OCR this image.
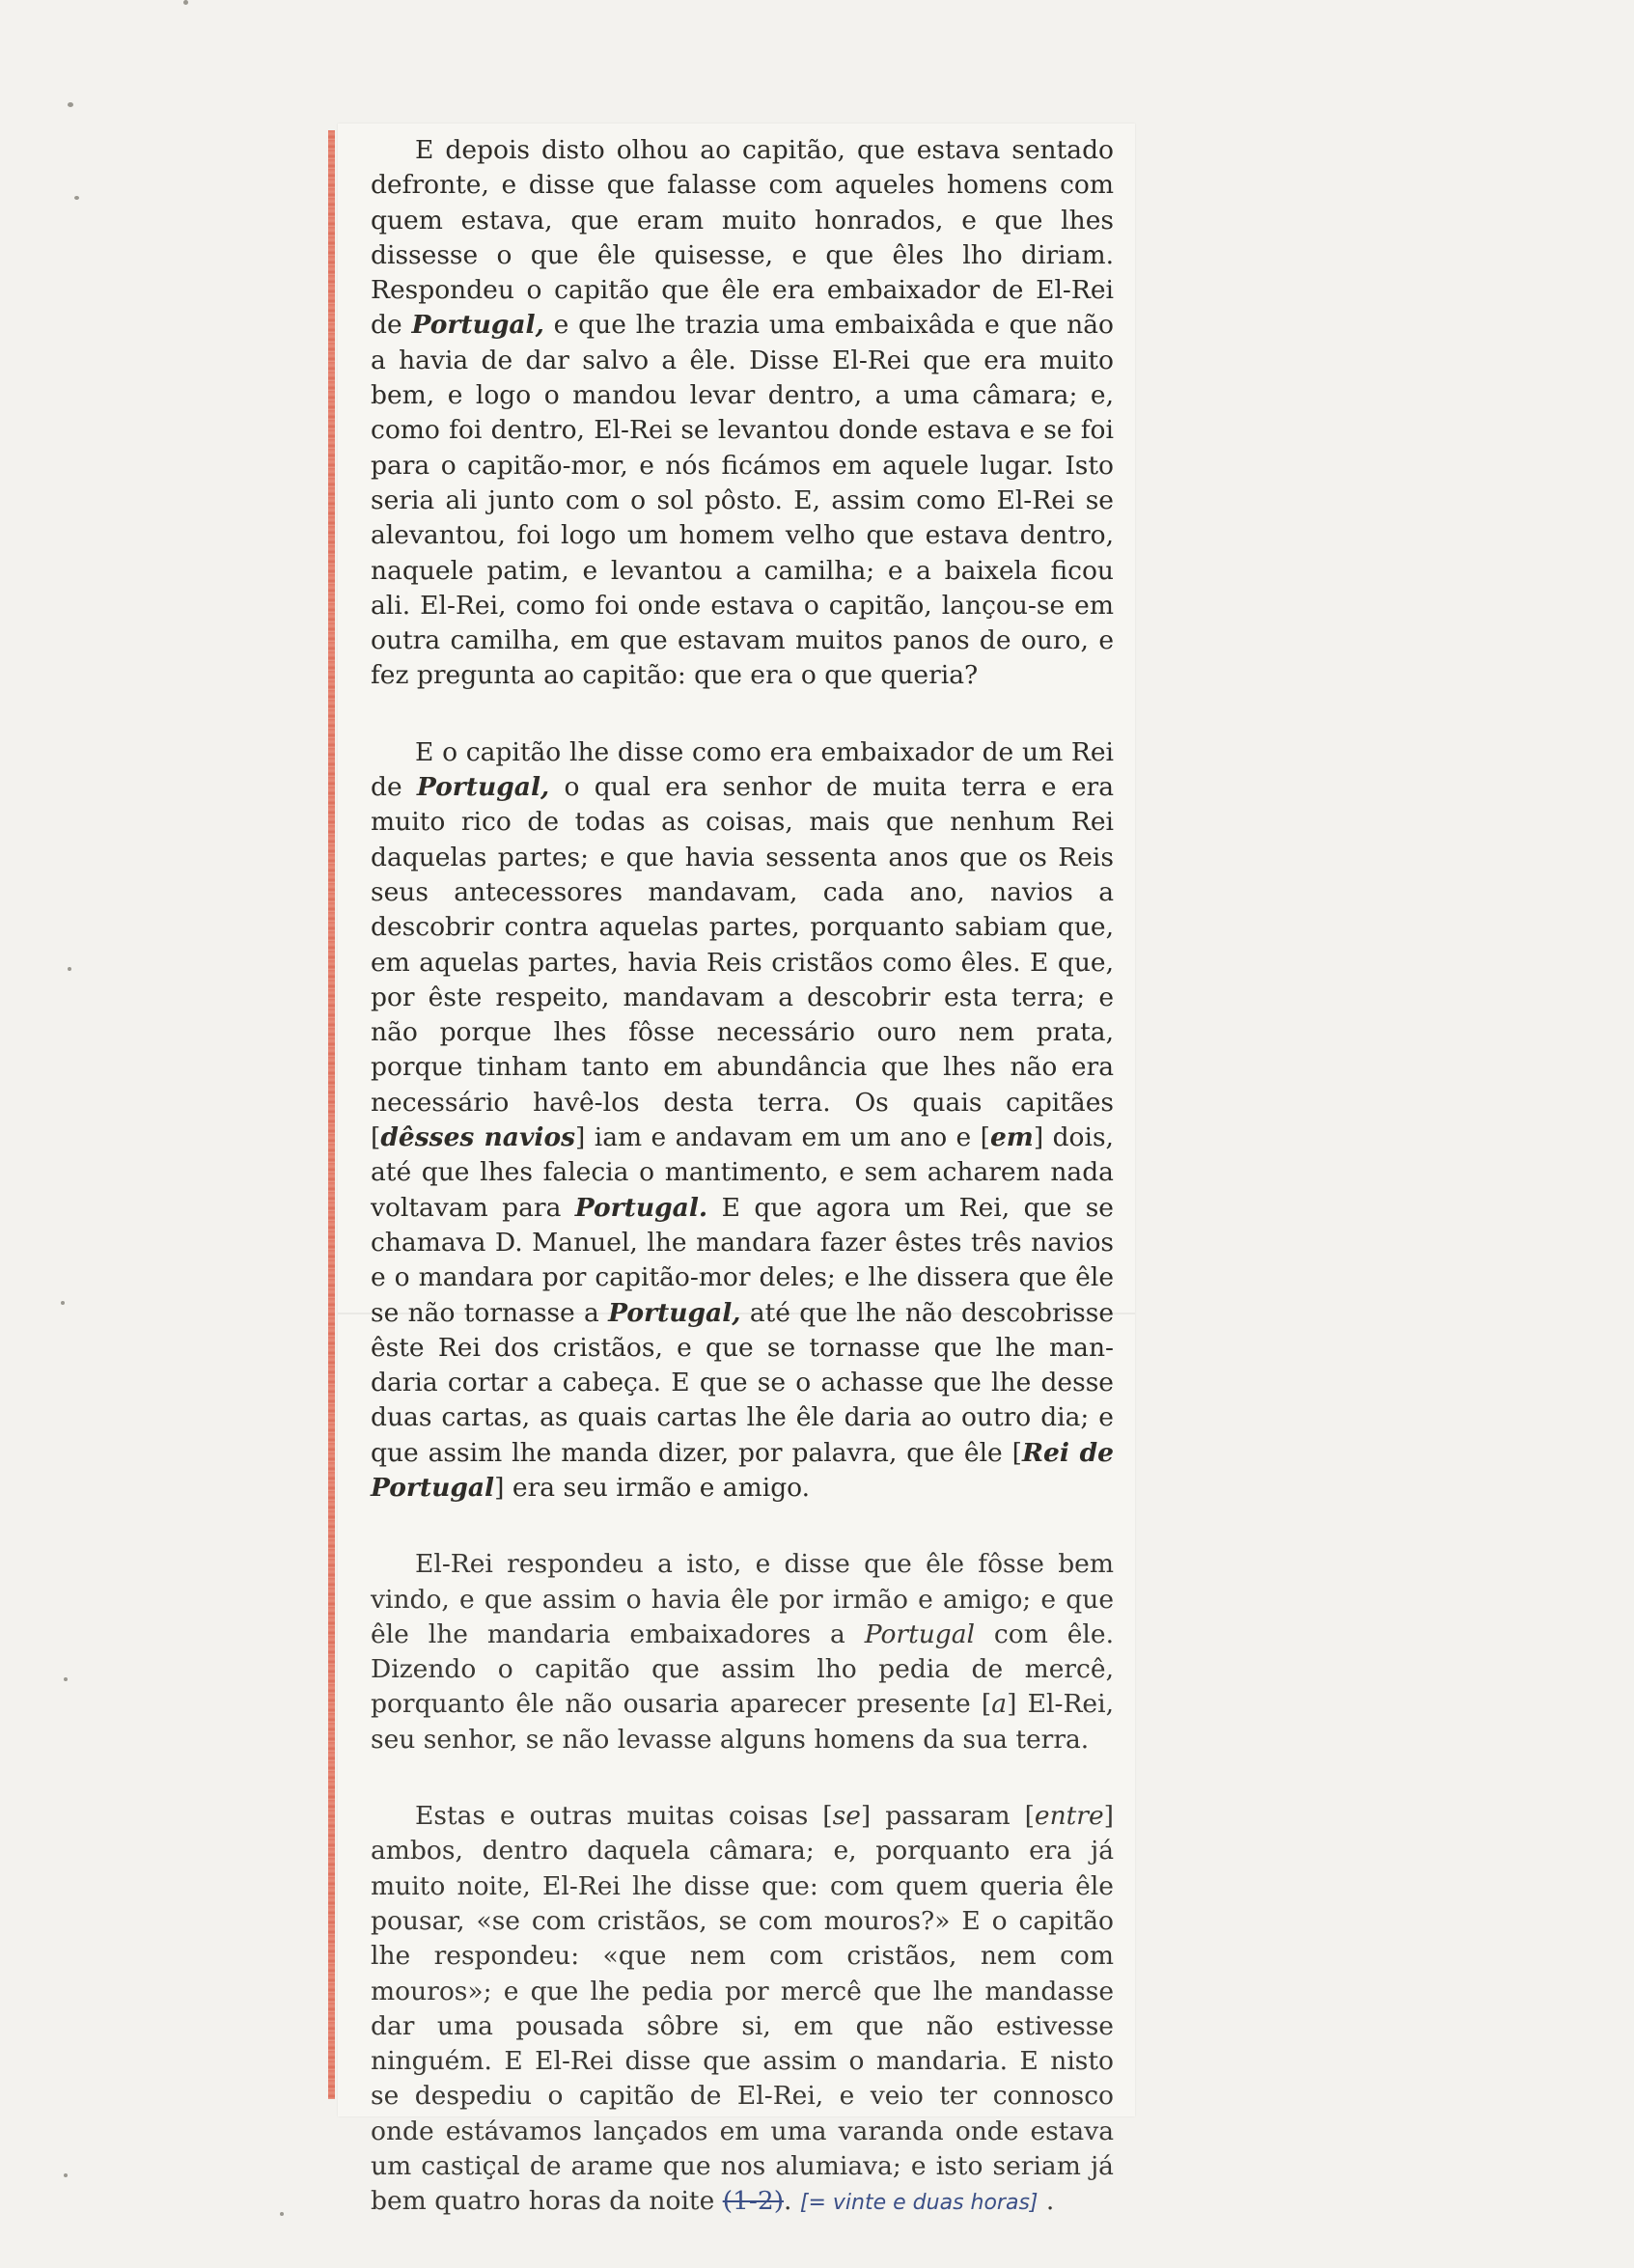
E depois disto olhou ao capitão, que estava sentado defronte, e disse que falasse com aqueles homens com quem estava, que eram muito honrados, e que lhes dissesse o que êle quisesse, e que êles lho diriam. Respondeu o capitão que êle era embaixador de El-Rei de Portugal, e que lhe trazia uma embaixâda e que não a havia de dar salvo a êle. Disse El-Rei que era muito bem, e logo o mandou levar dentro, a uma câmara; e, como foi dentro, El-Rei se levantou donde estava e se foi para o capitão-mor, e nós ficámos em aquele lugar. Isto seria ali junto com o sol pôsto. E, assim como El-Rei se alevantou, foi logo um homem velho que estava dentro, naquele patim, e levantou a camilha; e a baixela ficou ali. El-Rei, como foi onde estava o capitão, lançou-se em outra camilha, em que estavam muitos panos de ouro, e fez pregunta ao capitão: que era o que queria?

E o capitão lhe disse como era embaixador de um Rei de Portugal, o qual era senhor de muita terra e era muito rico de todas as coisas, mais que nenhum Rei daquelas partes; e que havia sessenta anos que os Reis seus antecessores mandavam, cada ano, navios a descobrir contra aquelas partes, porquanto sabiam que, em aquelas partes, havia Reis cristãos como êles. E que, por êste respeito, mandavam a descobrir esta terra; e não porque lhes fôsse necessário ouro nem prata, porque tinham tanto em abundância que lhes não era necessário havê-los desta terra. Os quais capitães [dêsses navios] iam e andavam em um ano e [em] dois, até que lhes falecia o mantimento, e sem acharem nada voltavam para Portugal. E que agora um Rei, que se chamava D. Manuel, lhe mandara fazer êstes três navios e o mandara por capitão-mor deles; e lhe dissera que êle se não tornasse a Portugal, até que lhe não descobrisse êste Rei dos cristãos, e que se tornasse que lhe mandaria cortar a cabeça. E que se o achasse que lhe desse duas cartas, as quais cartas lhe êle daria ao outro dia; e que assim lhe manda dizer, por palavra, que êle [Rei de Portugal] era seu irmão e amigo.

El-Rei respondeu a isto, e disse que êle fôsse bem vindo, e que assim o havia êle por irmão e amigo; e que êle lhe mandaria embaixadores a Portugal com êle. Dizendo o capitão que assim lho pedia de mercê, porquanto êle não ousaria aparecer presente [a] El-Rei, seu senhor, se não levasse alguns homens da sua terra.

Estas e outras muitas coisas [se] passaram [entre] ambos, dentro daquela câmara; e, porquanto era já muito noite, El-Rei lhe disse que: com quem queria êle pousar, «se com cristãos, se com mouros?» E o capitão lhe respondeu: «que nem com cristãos, nem com mouros»; e que lhe pedia por mercê que lhe mandasse dar uma pousada sôbre si, em que não estivesse ninguém. E El-Rei disse que assim o mandaria. E nisto se despediu o capitão de El-Rei, e veio ter connosco onde estávamos lançados em uma varanda onde estava um castiçal de arame que nos alumiava; e isto seriam já bem quatro horas da noite (1-2). [= vinte e duas horas] .
